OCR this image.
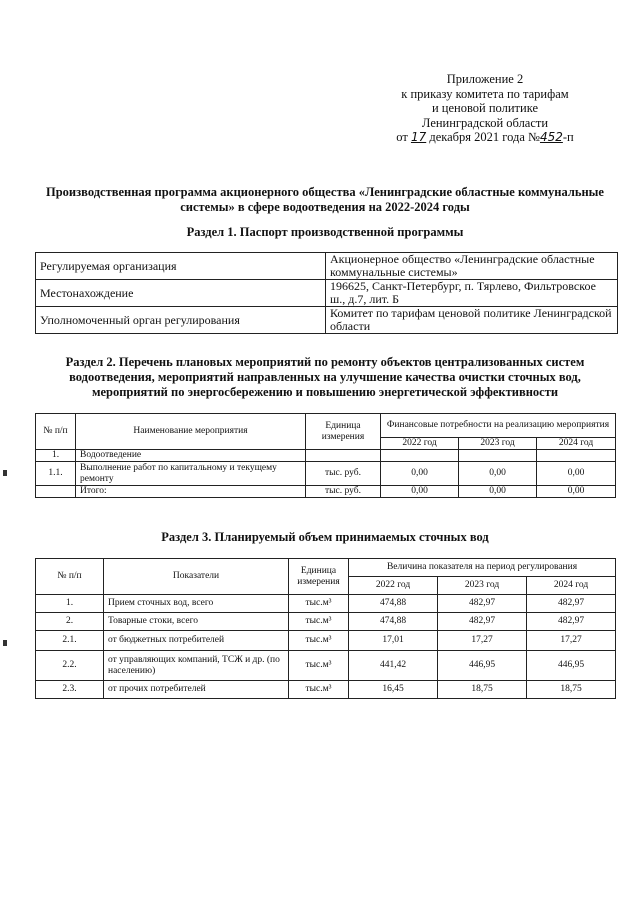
Приложение 2
к приказу комитета по тарифам
и ценовой политике
Ленинградской области
от 17 декабря 2021 года №452-п
Производственная программа акционерного общества «Ленинградские областные коммунальные
системы» в сфере водоотведения на 2022-2024 годы
Раздел 1. Паспорт производственной программы
Регулируемая организация	Акционерное общество «Ленинградские областные коммунальные системы»
Местонахождение	196625, Санкт-Петербург, п. Тярлево, Фильтровское ш., д.7, лит. Б
Уполномоченный орган регулирования	Комитет по тарифам ценовой политике Ленинградской области
Раздел 2. Перечень плановых мероприятий по ремонту объектов централизованных систем
водоотведения, мероприятий направленных на улучшение качества очистки сточных вод,
мероприятий по энергосбережению и повышению энергетической эффективности
№ п/п	Наименование мероприятия	Единица измерения	Финансовые потребности на реализацию мероприятия		
			2022 год	2023 год	2024 год
1.	Водоотведение				
1.1.	Выполнение работ по капитальному и текущему ремонту	тыс. руб.	0,00	0,00	0,00
	Итого:	тыс. руб.	0,00	0,00	0,00
Раздел 3. Планируемый объем принимаемых сточных вод
№ п/п	Показатели	Единица измерения	Величина показателя на период регулирования		
			2022 год	2023 год	2024 год
1.	Прием сточных вод, всего	тыс.м³	474,88	482,97	482,97
2.	Товарные стоки, всего	тыс.м³	474,88	482,97	482,97
2.1.	от бюджетных потребителей	тыс.м³	17,01	17,27	17,27
2.2.	от управляющих компаний, ТСЖ и др. (по населению)	тыс.м³	441,42	446,95	446,95
2.3.	от прочих потребителей	тыс.м³	16,45	18,75	18,75
